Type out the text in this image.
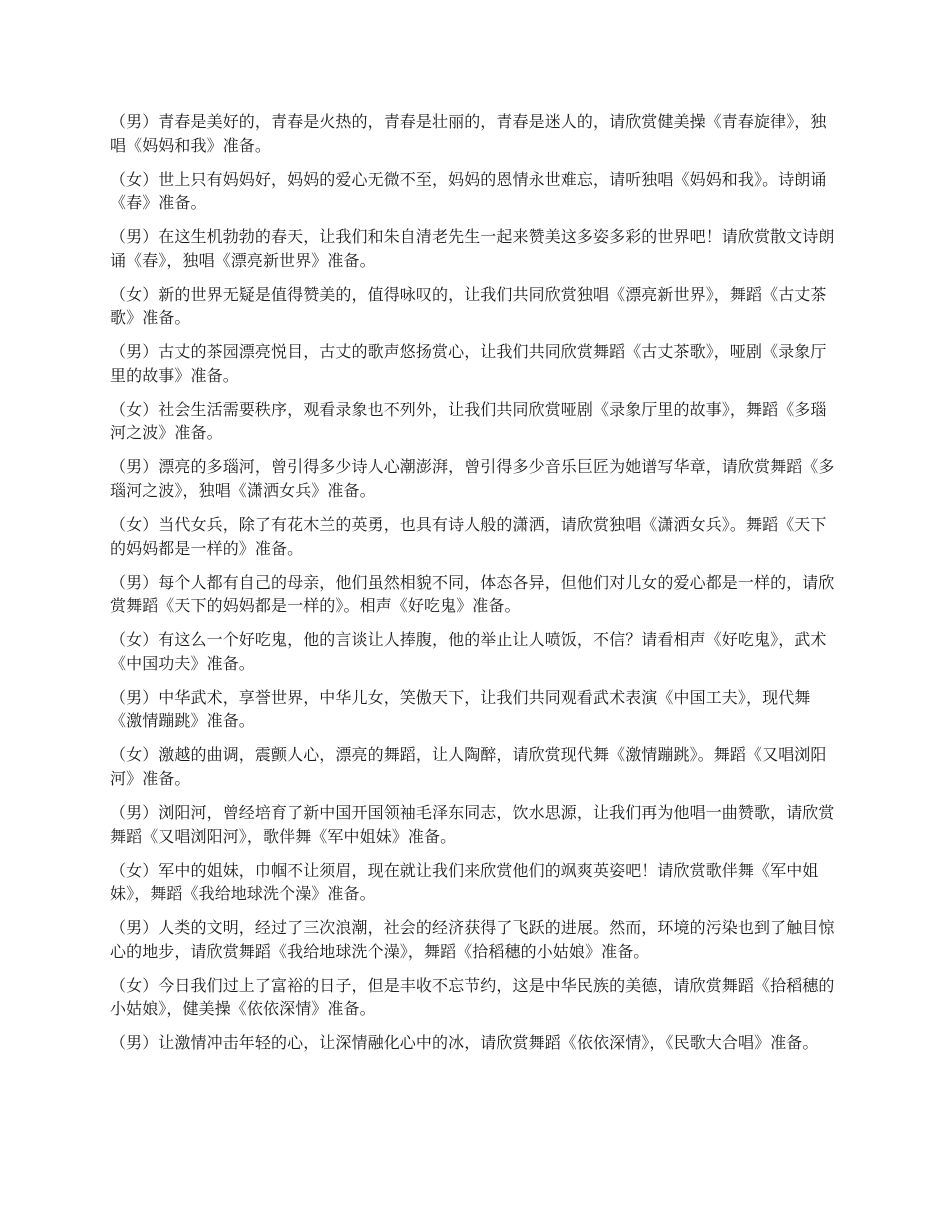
（男）青春是美好的，青春是火热的，青春是壮丽的，青春是迷人的，请欣赏健美操《青春旋律》，独唱《妈妈和我》准备。

（女）世上只有妈妈好，妈妈的爱心无微不至，妈妈的恩情永世难忘，请听独唱《妈妈和我》。诗朗诵《春》准备。

（男）在这生机勃勃的春天，让我们和朱自清老先生一起来赞美这多姿多彩的世界吧！请欣赏散文诗朗诵《春》，独唱《漂亮新世界》准备。

（女）新的世界无疑是值得赞美的，值得咏叹的，让我们共同欣赏独唱《漂亮新世界》，舞蹈《古丈茶歌》准备。

（男）古丈的茶园漂亮悦目，古丈的歌声悠扬赏心，让我们共同欣赏舞蹈《古丈茶歌》，哑剧《录象厅里的故事》准备。

（女）社会生活需要秩序，观看录象也不列外，让我们共同欣赏哑剧《录象厅里的故事》，舞蹈《多瑙河之波》准备。

（男）漂亮的多瑙河，曾引得多少诗人心潮澎湃，曾引得多少音乐巨匠为她谱写华章，请欣赏舞蹈《多瑙河之波》，独唱《潇洒女兵》准备。

（女）当代女兵，除了有花木兰的英勇，也具有诗人般的潇洒，请欣赏独唱《潇洒女兵》。舞蹈《天下的妈妈都是一样的》准备。

（男）每个人都有自己的母亲，他们虽然相貌不同，体态各异，但他们对儿女的爱心都是一样的，请欣赏舞蹈《天下的妈妈都是一样的》。相声《好吃鬼》准备。

（女）有这么一个好吃鬼，他的言谈让人捧腹，他的举止让人喷饭，不信？请看相声《好吃鬼》，武术《中国功夫》准备。

（男）中华武术，享誉世界，中华儿女，笑傲天下，让我们共同观看武术表演《中国工夫》，现代舞《激情蹦跳》准备。

（女）激越的曲调，震颤人心，漂亮的舞蹈，让人陶醉，请欣赏现代舞《激情蹦跳》。舞蹈《又唱浏阳河》准备。

（男）浏阳河，曾经培育了新中国开国领袖毛泽东同志，饮水思源，让我们再为他唱一曲赞歌，请欣赏舞蹈《又唱浏阳河》，歌伴舞《军中姐妹》准备。

（女）军中的姐妹，巾帼不让须眉，现在就让我们来欣赏他们的飒爽英姿吧！请欣赏歌伴舞《军中姐妹》，舞蹈《我给地球洗个澡》准备。

（男）人类的文明，经过了三次浪潮，社会的经济获得了飞跃的进展。然而，环境的污染也到了触目惊心的地步，请欣赏舞蹈《我给地球洗个澡》，舞蹈《拾稻穗的小姑娘》准备。

（女）今日我们过上了富裕的日子，但是丰收不忘节约，这是中华民族的美德，请欣赏舞蹈《拾稻穗的小姑娘》，健美操《依依深情》准备。

（男）让激情冲击年轻的心，让深情融化心中的冰，请欣赏舞蹈《依依深情》，《民歌大合唱》准备。
